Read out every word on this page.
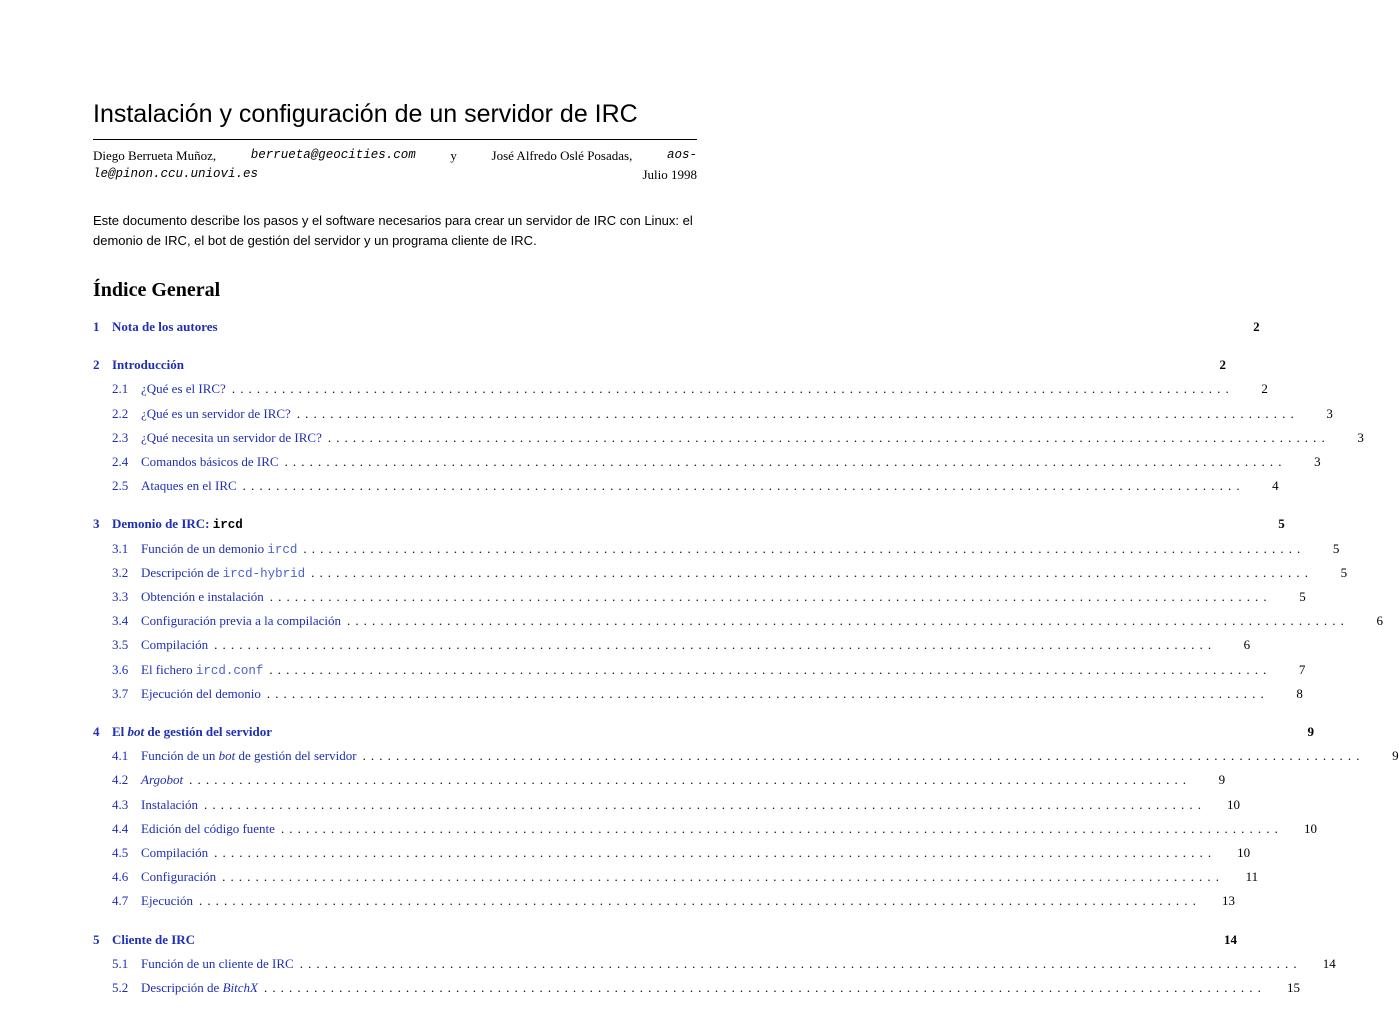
Instalación y configuración de un servidor de IRC
Diego Berrueta Muñoz,	berrueta@geocities.com	y	José Alfredo Oslé Posadas,	aos-
le@pinon.ccu.uniovi.es	Julio 1998
Este documento describe los pasos y el software necesarios para crear un servidor de IRC con Linux: el demonio de IRC, el bot de gestión del servidor y un programa cliente de IRC.
Índice General
1 Nota de los autores	2
2 Introducción	2
2.1 ¿Qué es el IRC? ........................................................................................................................	2
2.2 ¿Qué es un servidor de IRC? ........................................................................................................................	3
2.3 ¿Qué necesita un servidor de IRC? ........................................................................................................................	3
2.4 Comandos básicos de IRC ........................................................................................................................	3
2.5 Ataques en el IRC ........................................................................................................................	4
3 Demonio de IRC: ircd	5
3.1 Función de un demonio ircd ........................................................................................................................	5
3.2 Descripción de ircd-hybrid ........................................................................................................................	5
3.3 Obtención e instalación ........................................................................................................................	5
3.4 Configuración previa a la compilación ........................................................................................................................	6
3.5 Compilación ........................................................................................................................	6
3.6 El fichero ircd.conf ........................................................................................................................	7
3.7 Ejecución del demonio ........................................................................................................................	8
4 El bot de gestión del servidor	9
4.1 Función de un bot de gestión del servidor ........................................................................................................................	9
4.2 Argobot ........................................................................................................................	9
4.3 Instalación ........................................................................................................................	10
4.4 Edición del código fuente ........................................................................................................................	10
4.5 Compilación ........................................................................................................................	10
4.6 Configuración ........................................................................................................................	11
4.7 Ejecución ........................................................................................................................	13
5 Cliente de IRC	14
5.1 Función de un cliente de IRC ........................................................................................................................	14
5.2 Descripción de BitchX ........................................................................................................................	15
